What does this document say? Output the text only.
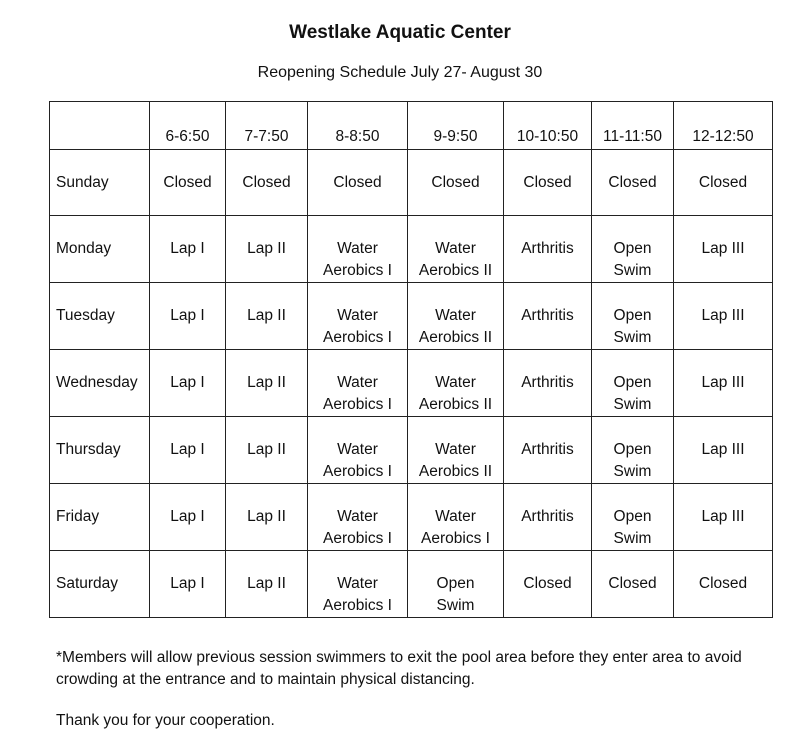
Westlake Aquatic Center
Reopening Schedule July 27- August 30
	6-6:50	7-7:50	8-8:50	9-9:50	10-10:50	11-11:50	12-12:50
Sunday	Closed	Closed	Closed	Closed	Closed	Closed	Closed

Monday	Lap I	Lap II	Water
Aerobics I	Water
Aerobics II	Arthritis	Open
Swim	Lap III

Tuesday	Lap I	Lap II	Water
Aerobics I	Water
Aerobics II	Arthritis	Open
Swim	Lap III

Wednesday	Lap I	Lap II	Water
Aerobics I	Water
Aerobics II	Arthritis	Open
Swim	Lap III

Thursday	Lap I	Lap II	Water
Aerobics I	Water
Aerobics II	Arthritis	Open
Swim	Lap III

Friday	Lap I	Lap II	Water
Aerobics I	Water
Aerobics I	Arthritis	Open
Swim	Lap III

Saturday	Lap I	Lap II	Water
Aerobics I	Open
Swim	Closed	Closed	Closed
*Members will allow previous session swimmers to exit the pool area before they enter area to avoid crowding at the entrance and to maintain physical distancing.
Thank you for your cooperation.
